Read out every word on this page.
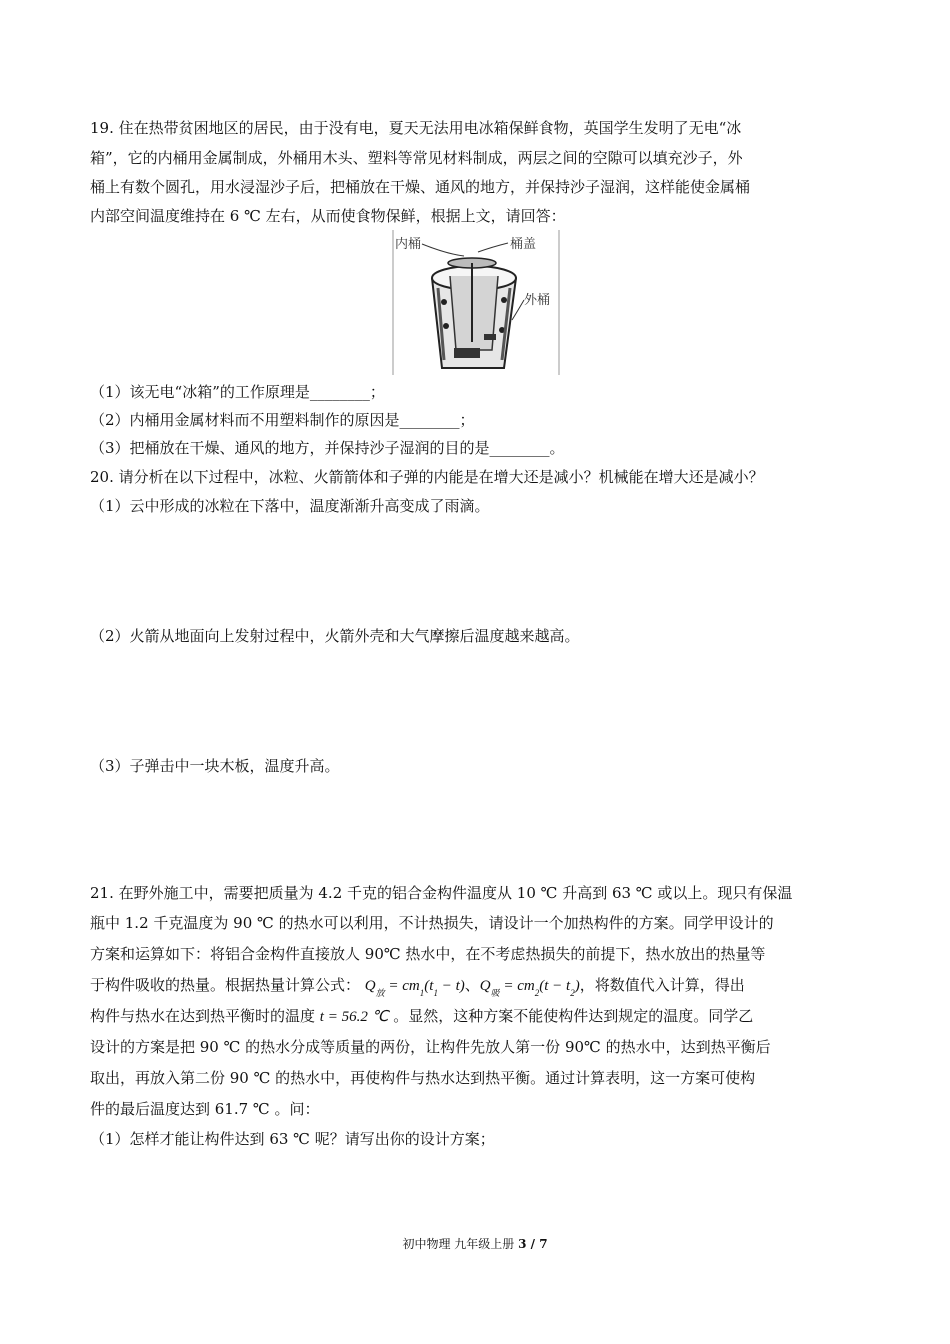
19. 住在热带贫困地区的居民，由于没有电，夏天无法用电冰箱保鲜食物，英国学生发明了无电“冰
箱”，它的内桶用金属制成，外桶用木头、塑料等常见材料制成，两层之间的空隙可以填充沙子，外
桶上有数个圆孔，用水浸湿沙子后，把桶放在干燥、通风的地方，并保持沙子湿润，这样能使金属桶
内部空间温度维持在 6 ℃ 左右，从而使食物保鲜，根据上文，请回答：
内桶	桶盖
外桶
（1）该无电“冰箱”的工作原理是________；
（2）内桶用金属材料而不用塑料制作的原因是________；
（3）把桶放在干燥、通风的地方，并保持沙子湿润的目的是________。
20. 请分析在以下过程中，冰粒、火箭箭体和子弹的内能是在增大还是减小？机械能在增大还是减小？
（1）云中形成的冰粒在下落中，温度渐渐升高变成了雨滴。
（2）火箭从地面向上发射过程中，火箭外壳和大气摩擦后温度越来越高。
（3）子弹击中一块木板，温度升高。
21. 在野外施工中，需要把质量为 4.2 千克的铝合金构件温度从 10 ℃ 升高到 63 ℃ 或以上。现只有保温
瓶中 1.2 千克温度为 90 ℃ 的热水可以利用，不计热损失，请设计一个加热构件的方案。同学甲设计的
方案和运算如下：将铝合金构件直接放人 90℃ 热水中，在不考虑热损失的前提下，热水放出的热量等
于构件吸收的热量。根据热量计算公式： Q放 = cm1(t1 − t)、Q吸 = cm2(t − t2)，将数值代入计算，得出
构件与热水在达到热平衡时的温度 t = 56.2 ℃ 。显然，这种方案不能使构件达到规定的温度。同学乙
设计的方案是把 90 ℃ 的热水分成等质量的两份，让构件先放人第一份 90℃ 的热水中，达到热平衡后
取出，再放入第二份 90 ℃ 的热水中，再使构件与热水达到热平衡。通过计算表明，这一方案可使构
件的最后温度达到 61.7 ℃ 。问：
（1）怎样才能让构件达到 63 ℃ 呢？请写出你的设计方案；
初中物理 九年级上册 3 / 7
